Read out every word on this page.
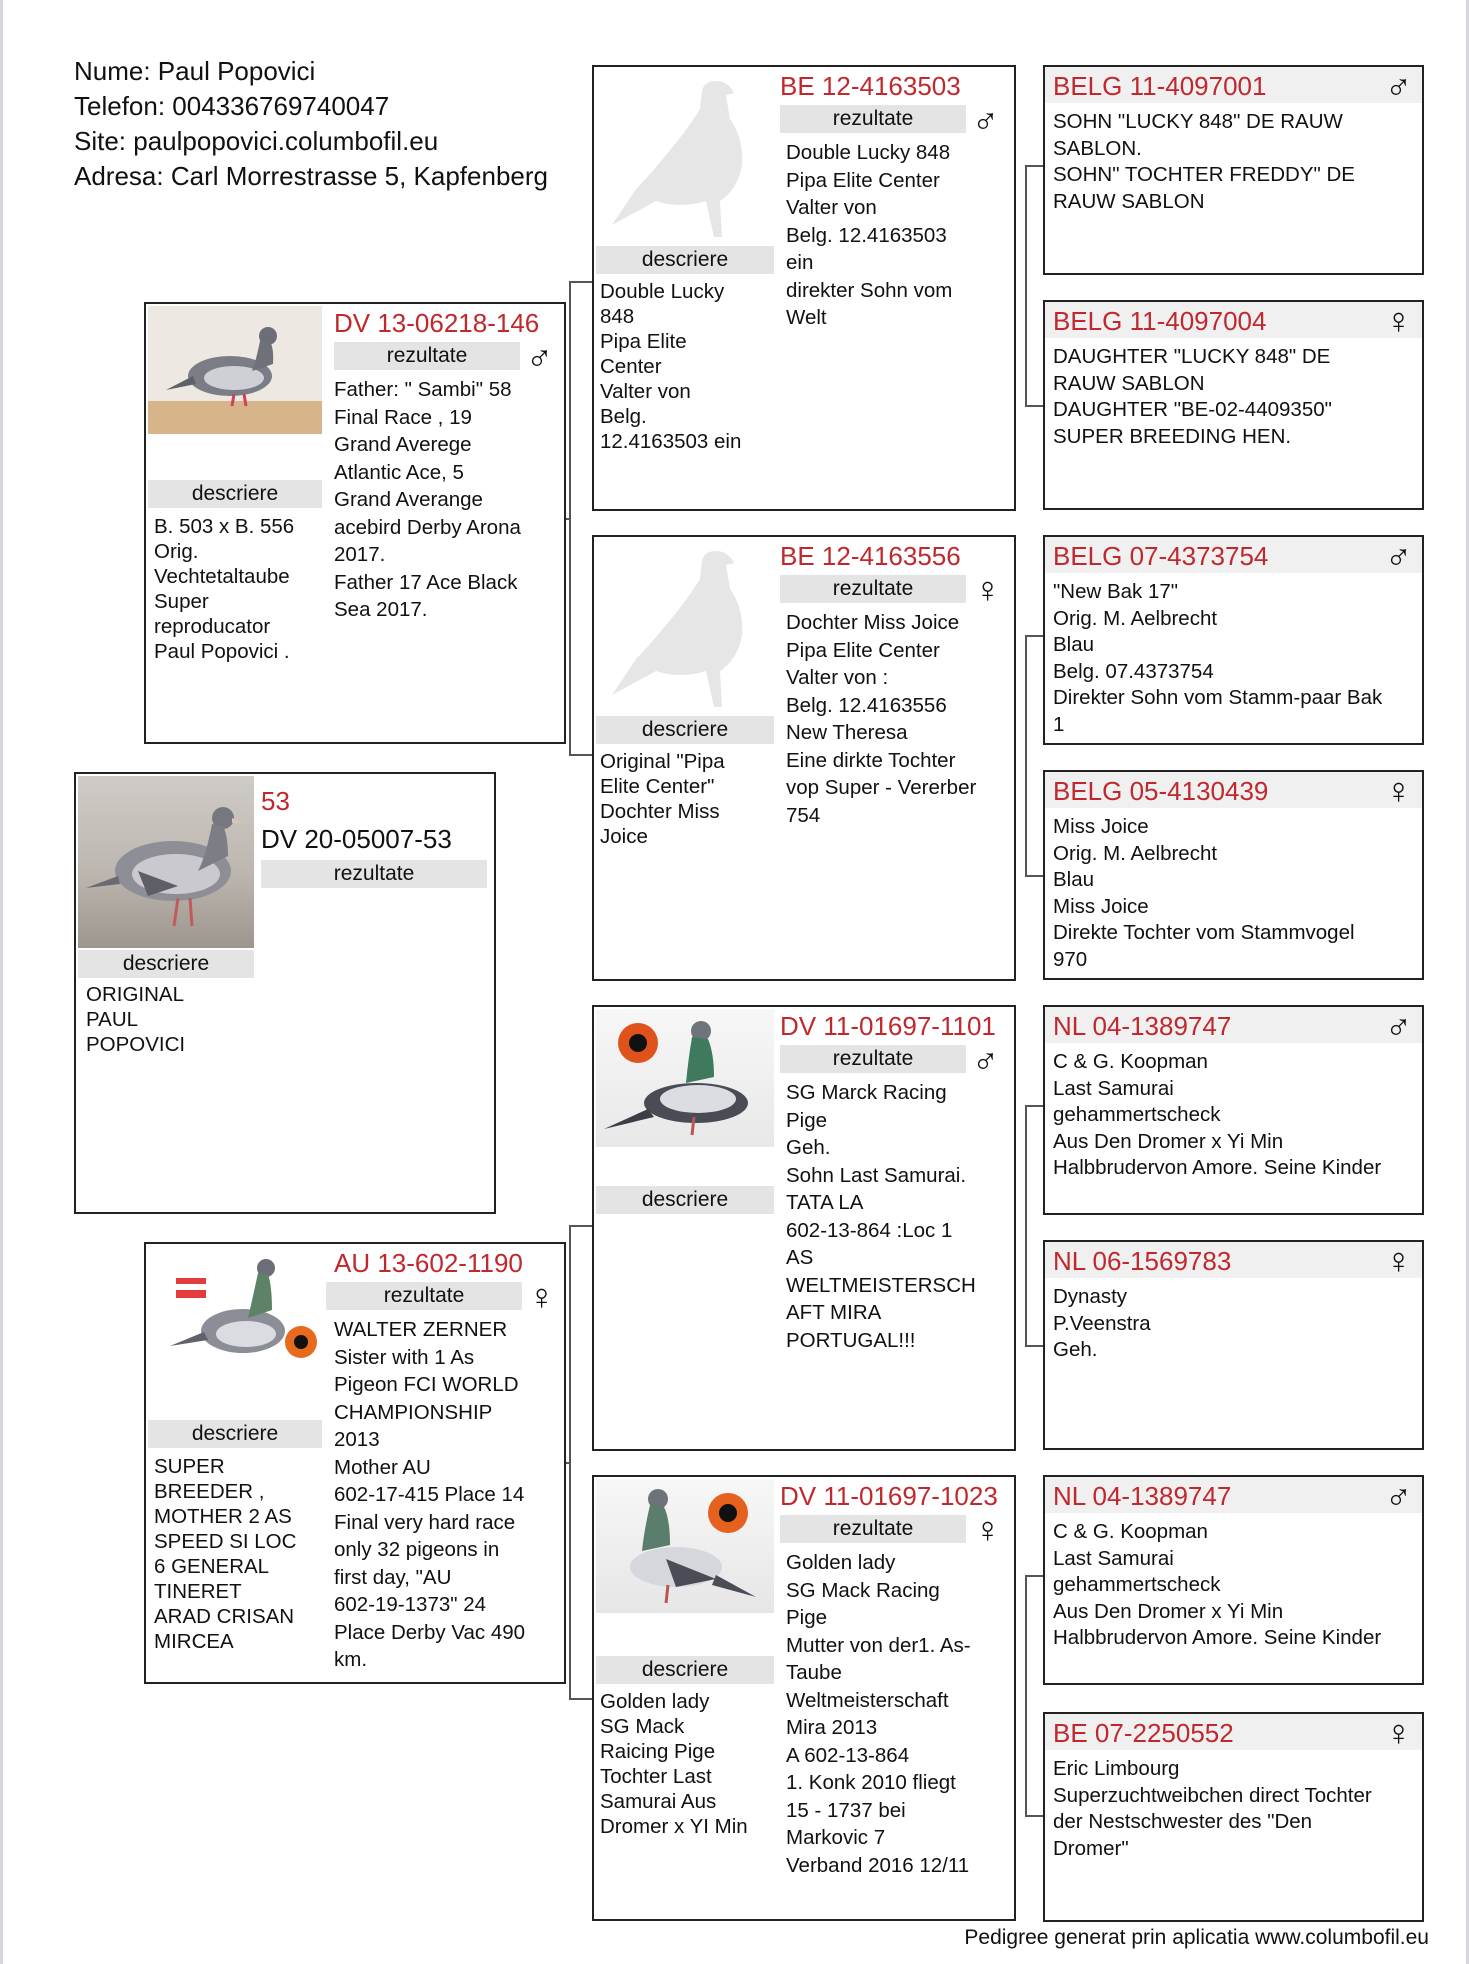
Nume: Paul Popovici
Telefon: 004336769740047
Site: paulpopovici.columbofil.eu
Adresa: Carl Morrestrasse 5, Kapfenberg
53
DV 20-05007-53
rezultate
descriere
ORIGINAL
PAUL
POPOVICI
DV 13-06218-146
rezultate	♂
Father: " Sambi" 58
Final Race , 19
Grand Averege
Atlantic Ace, 5
Grand Averange
acebird Derby Arona
2017.
Father 17 Ace Black
Sea 2017.
descriere
B. 503 x B. 556
Orig.
Vechtetaltaube
Super
reproducator
Paul Popovici .
AU 13-602-1190
rezultate	♀
WALTER ZERNER
Sister with 1 As
Pigeon FCI WORLD
CHAMPIONSHIP
2013
Mother AU
602-17-415 Place 14
Final very hard race
only 32 pigeons in
first day, "AU
602-19-1373" 24
Place Derby Vac 490
km.
descriere
SUPER
BREEDER ,
MOTHER 2 AS
SPEED SI LOC
6 GENERAL
TINERET
ARAD CRISAN
MIRCEA
BE 12-4163503
rezultate	♂
Double Lucky 848
Pipa Elite Center
Valter von
Belg. 12.4163503
ein
direkter Sohn vom
Welt
descriere
Double Lucky
848
Pipa Elite
Center
Valter von
Belg.
12.4163503 ein
BE 12-4163556
rezultate	♀
Dochter Miss Joice
Pipa Elite Center
Valter von :
Belg. 12.4163556
New Theresa
Eine dirkte Tochter
vop Super - Vererber
754
descriere
Original "Pipa
Elite Center"
Dochter Miss
Joice
DV 11-01697-1101
rezultate	♂
SG Marck Racing
Pige
Geh.
Sohn Last Samurai.
TATA LA
602-13-864 :Loc 1
AS
WELTMEISTERSCH
AFT MIRA
PORTUGAL!!!
descriere
DV 11-01697-1023
rezultate	♀
Golden lady
SG Mack Racing
Pige
Mutter von der1. As-
Taube
Weltmeisterschaft
Mira 2013
A 602-13-864
1. Konk 2010 fliegt
15 - 1737 bei
Markovic 7
Verband 2016 12/11
descriere
Golden lady
SG Mack
Raicing Pige
Tochter Last
Samurai Aus
Dromer x YI Min
BELG 11-4097001	♂
SOHN "LUCKY 848" DE RAUW
SABLON.
SOHN" TOCHTER FREDDY" DE
RAUW SABLON
BELG 11-4097004	♀
DAUGHTER "LUCKY 848" DE
RAUW SABLON
DAUGHTER "BE-02-4409350"
SUPER BREEDING HEN.
BELG 07-4373754	♂
"New Bak 17"
Orig. M. Aelbrecht
Blau
Belg. 07.4373754
Direkter Sohn vom Stamm-paar Bak
1
BELG 05-4130439	♀
Miss Joice
Orig. M. Aelbrecht
Blau
Miss Joice
Direkte Tochter vom Stammvogel
970
NL 04-1389747	♂
C & G. Koopman
Last Samurai
gehammertscheck
Aus Den Dromer x Yi Min
Halbbrudervon Amore. Seine Kinder
NL 06-1569783	♀
Dynasty
P.Veenstra
Geh.
NL 04-1389747	♂
C & G. Koopman
Last Samurai
gehammertscheck
Aus Den Dromer x Yi Min
Halbbrudervon Amore. Seine Kinder
BE 07-2250552	♀
Eric Limbourg
Superzuchtweibchen direct Tochter
der Nestschwester des "Den
Dromer"
Pedigree generat prin aplicatia www.columbofil.eu
